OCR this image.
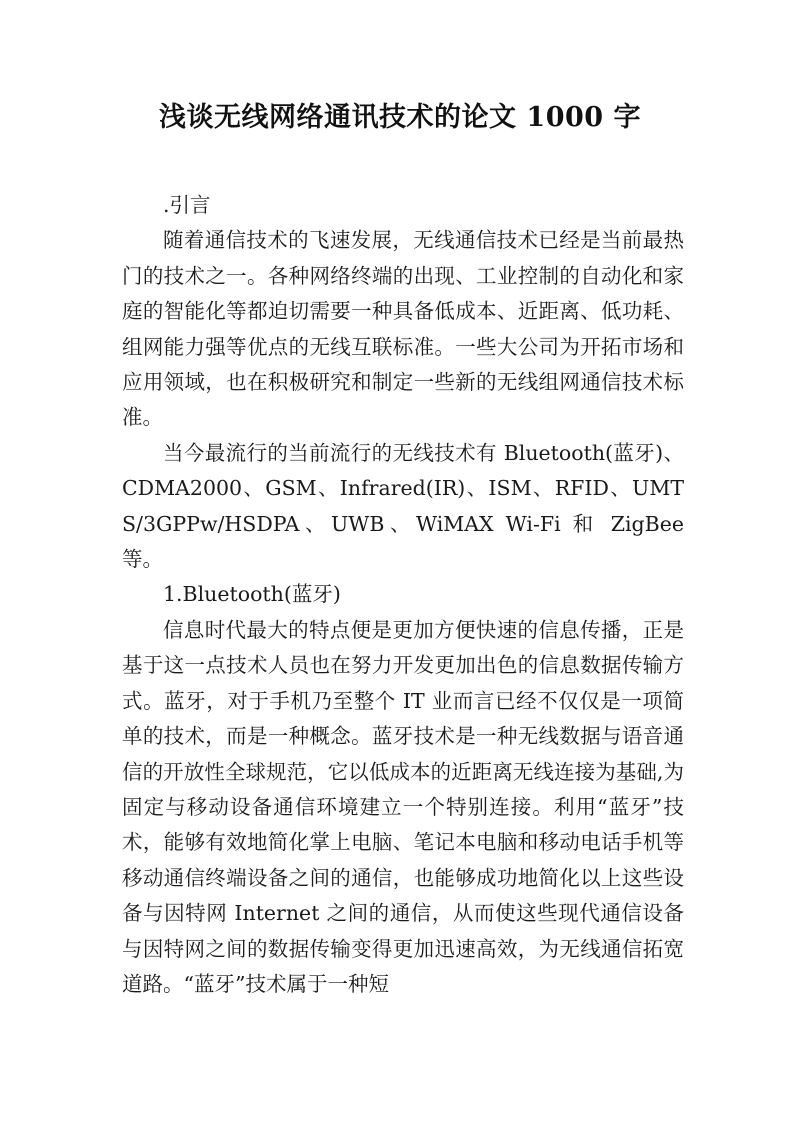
浅谈无线网络通讯技术的论文 1000 字

.引言

随着通信技术的飞速发展，无线通信技术已经是当前最热门的技术之一。各种网络终端的出现、工业控制的自动化和家庭的智能化等都迫切需要一种具备低成本、近距离、低功耗、组网能力强等优点的无线互联标准。一些大公司为开拓市场和应用领域，也在积极研究和制定一些新的无线组网通信技术标准。

当今最流行的当前流行的无线技术有 Bluetooth(蓝牙)、CDMA2000、GSM、Infrared(IR)、ISM、RFID、UMTS/3GPPw/HSDPA、UWB、WiMAX Wi-Fi 和 ZigBee 等。

1.Bluetooth(蓝牙)

信息时代最大的特点便是更加方便快速的信息传播，正是基于这一点技术人员也在努力开发更加出色的信息数据传输方式。蓝牙，对于手机乃至整个 IT 业而言已经不仅仅是一项简单的技术，而是一种概念。蓝牙技术是一种无线数据与语音通信的开放性全球规范，它以低成本的近距离无线连接为基础,为固定与移动设备通信环境建立一个特别连接。利用“蓝牙”技术，能够有效地简化掌上电脑、笔记本电脑和移动电话手机等移动通信终端设备之间的通信，也能够成功地简化以上这些设备与因特网 Internet 之间的通信，从而使这些现代通信设备与因特网之间的数据传输变得更加迅速高效，为无线通信拓宽道路。“蓝牙”技术属于一种短
